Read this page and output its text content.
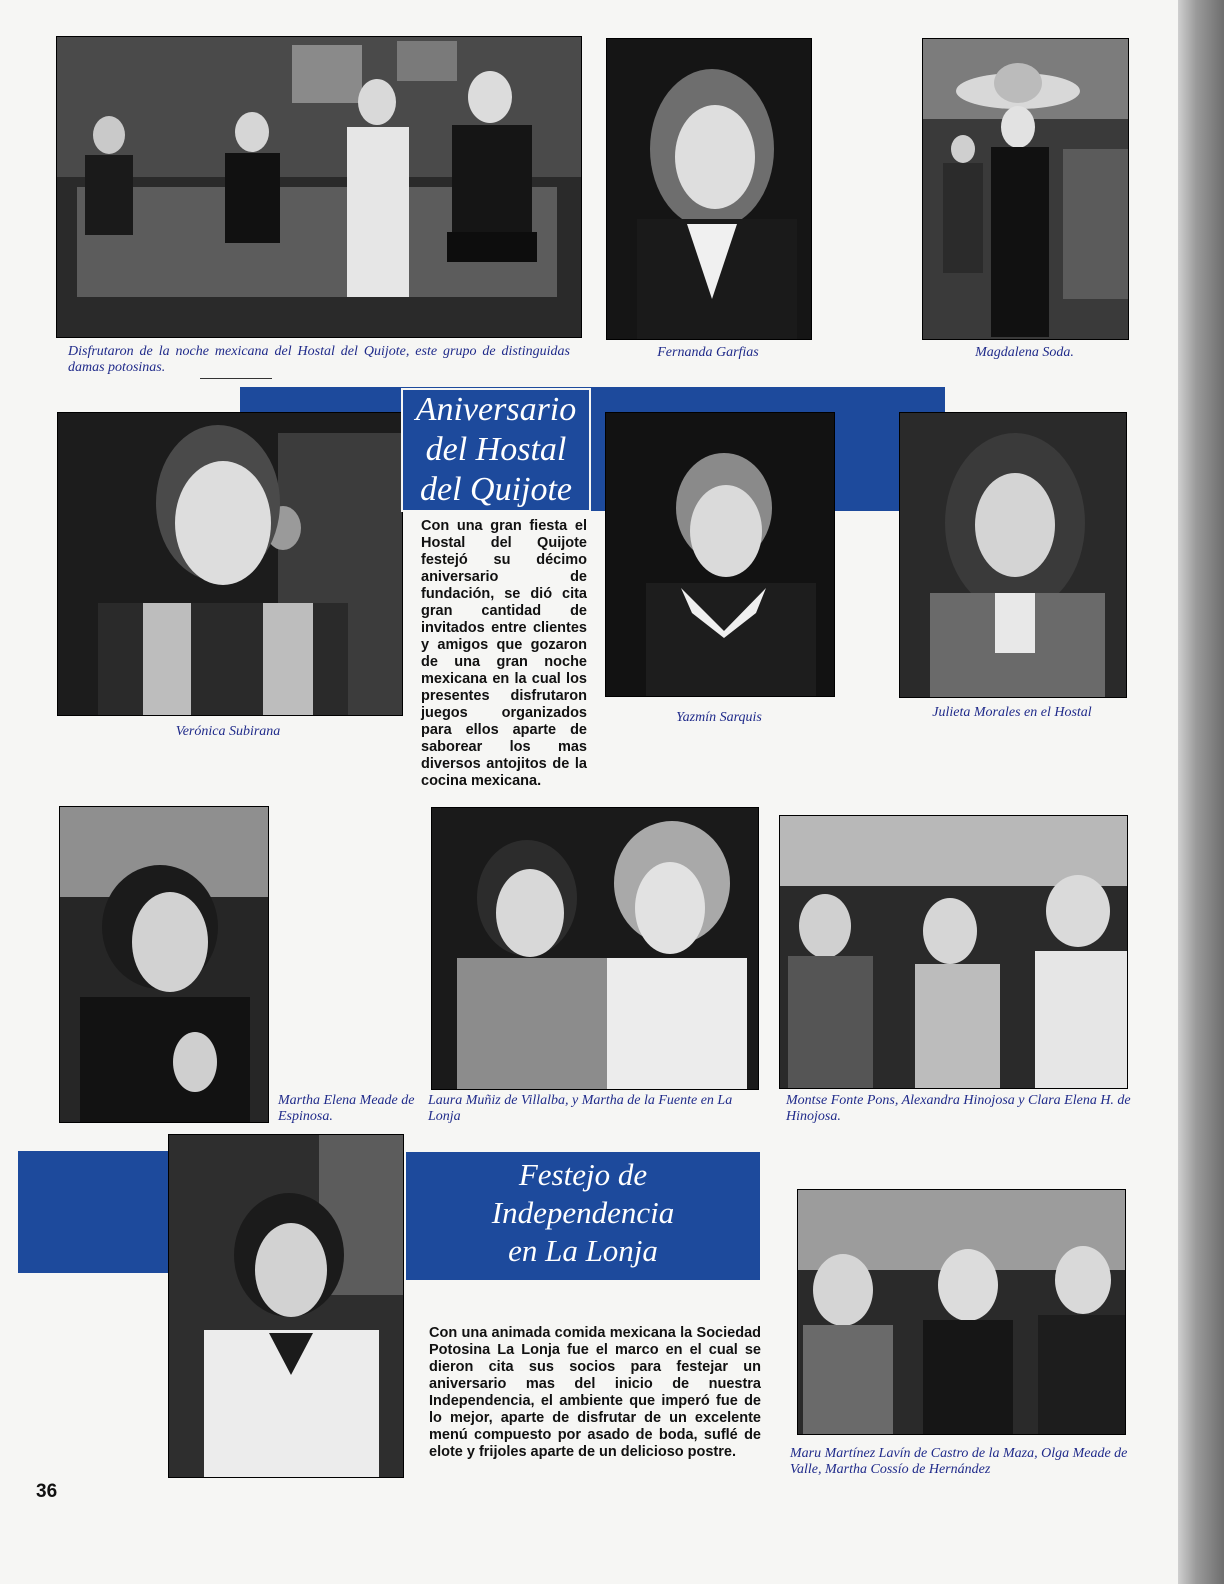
Disfrutaron de la noche mexicana del Hostal del Quijote, este grupo de distinguidas damas potosinas.
Fernanda Garfias	Magdalena Soda.
Aniversario
del Hostal
del Quijote
Con una gran fiesta el Hostal del Quijote festejó su décimo aniversario de fundación, se dió cita gran cantidad de invitados entre clientes y amigos que gozaron de una gran noche mexicana en la cual los presentes disfrutaron juegos organizados para ellos aparte de saborear los mas diversos antojitos de la cocina mexicana.
Verónica Subirana
Yazmín Sarquis	Julieta Morales en el Hostal
Martha Elena Meade de Espinosa.
Laura Muñiz de Villalba, y Martha de la Fuente en La Lonja
Montse Fonte Pons, Alexandra Hinojosa y Clara Elena H. de Hinojosa.
Festejo de
Independencia
en La Lonja
Con una animada comida mexicana la Sociedad Potosina La Lonja fue el marco en el cual se dieron cita sus socios para festejar un aniversario mas del inicio de nuestra Independencia, el ambiente que imperó fue de lo mejor, aparte de disfrutar de un excelente menú compuesto por asado de boda, suflé de elote y frijoles aparte de un delicioso postre.	Maru Martínez Lavín de Castro de la Maza, Olga Meade de Valle, Martha Cossío de Hernández
36
